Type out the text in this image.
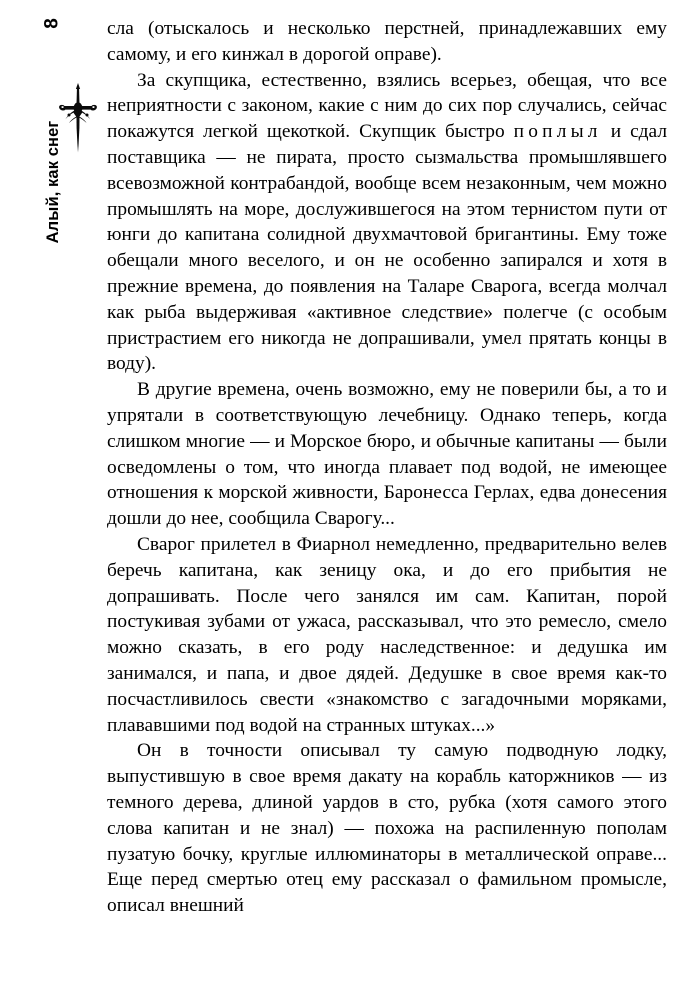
8
Алый, как снег

сла (отыскалось и несколько перстней, принадлежавших ему самому, и его кинжал в дорогой оправе).

За скупщика, естественно, взялись всерьез, обещая, что все неприятности с законом, какие с ним до сих пор случались, сейчас покажутся легкой щекоткой. Скупщик быстро поплыл и сдал поставщика — не пирата, просто сызмальства промышлявшего всевозможной контрабандой, вообще всем незаконным, чем можно промышлять на море, дослужившегося на этом тернистом пути от юнги до капитана солидной двухмачтовой бригантины. Ему тоже обещали много веселого, и он не особенно запирался и хотя в прежние времена, до появления на Таларе Сварога, всегда молчал как рыба выдерживая «активное следствие» полегче (с особым пристрастием его никогда не допрашивали, умел прятать концы в воду).

В другие времена, очень возможно, ему не поверили бы, а то и упрятали в соответствующую лечебницу. Однако теперь, когда слишком многие — и Морское бюро, и обычные капитаны — были осведомлены о том, что иногда плавает под водой, не имеющее отношения к морской живности, Баронесса Герлах, едва донесения дошли до нее, сообщила Сварогу...

Сварог прилетел в Фиарнол немедленно, предварительно велев беречь капитана, как зеницу ока, и до его прибытия не допрашивать. После чего занялся им сам. Капитан, порой постукивая зубами от ужаса, рассказывал, что это ремесло, смело можно сказать, в его роду наследственное: и дедушка им занимался, и папа, и двое дядей. Дедушке в свое время как-то посчастливилось свести «знакомство с загадочными моряками, плававшими под водой на странных штуках...»

Он в точности описывал ту самую подводную лодку, выпустившую в свое время дакату на корабль каторжников — из темного дерева, длиной уардов в сто, рубка (хотя самого этого слова капитан и не знал) — похожа на распиленную пополам пузатую бочку, круглые иллюминаторы в металлической оправе... Еще перед смертью отец ему рассказал о фамильном промысле, описал внешний
